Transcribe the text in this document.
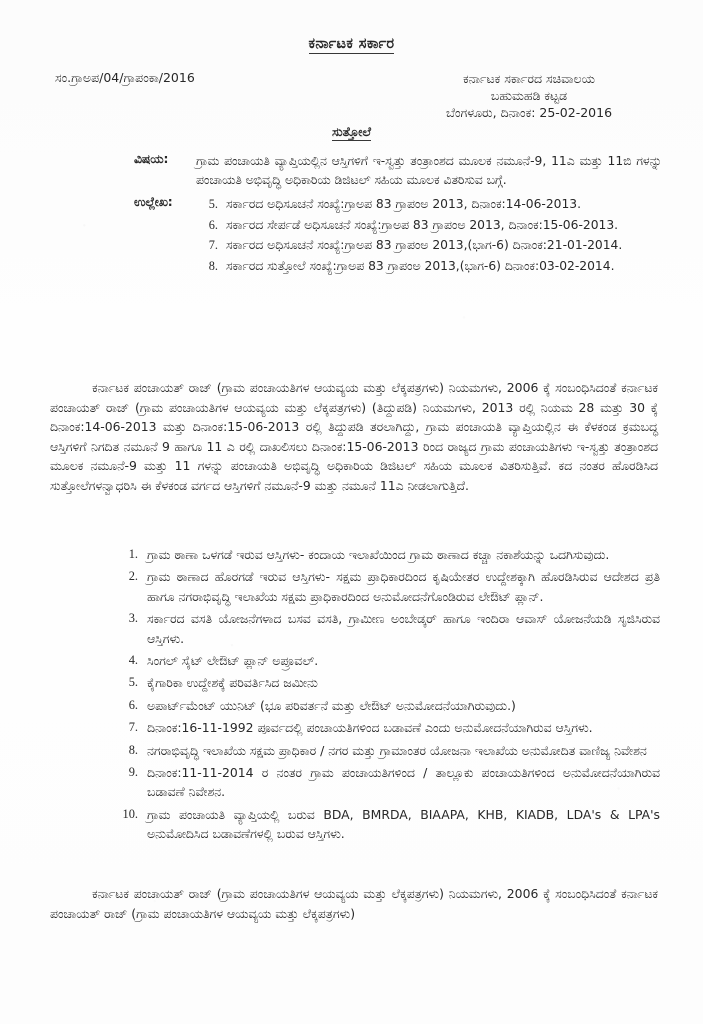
ಕರ್ನಾಟಕ ಸರ್ಕಾರ
ಸಂ.ಗ್ರಾಅಪ/04/ಗ್ರಾಪಂಕಾ/2016	ಕರ್ನಾಟಕ ಸರ್ಕಾರದ ಸಚಿವಾಲಯ
ಬಹುಮಹಡಿ ಕಟ್ಟಡ
ಬೆಂಗಳೂರು, ದಿನಾಂಕ: 25-02-2016
ಸುತ್ತೋಲೆ
ವಿಷಯ:	ಗ್ರಾಮ ಪಂಚಾಯತಿ ವ್ಯಾಪ್ತಿಯಲ್ಲಿನ ಆಸ್ತಿಗಳಿಗೆ ಇ-ಸ್ವತ್ತು ತಂತ್ರಾಂಶದ ಮೂಲಕ ನಮೂನೆ-9, 11ಎ ಮತ್ತು 11ಬಿ ಗಳನ್ನು ಪಂಚಾಯತಿ ಅಭಿವೃದ್ಧಿ ಅಧಿಕಾರಿಯ ಡಿಜಿಟಲ್ ಸಹಿಯ ಮೂಲಕ ವಿತರಿಸುವ ಬಗ್ಗೆ.
ಉಲ್ಲೇಖ:	5. ಸರ್ಕಾರದ ಅಧಿಸೂಚನೆ ಸಂಖ್ಯೆ:ಗ್ರಾಅಪ 83 ಗ್ರಾಪಂಅ 2013, ದಿನಾಂಕ:14-06-2013.
6. ಸರ್ಕಾರದ ಸೇರ್ಪಡೆ ಅಧಿಸೂಚನೆ ಸಂಖ್ಯೆ:ಗ್ರಾಅಪ 83 ಗ್ರಾಪಂಅ 2013, ದಿನಾಂಕ:15-06-2013.
7. ಸರ್ಕಾರದ ಅಧಿಸೂಚನೆ ಸಂಖ್ಯೆ:ಗ್ರಾಅಪ 83 ಗ್ರಾಪಂಅ 2013,(ಭಾಗ-6) ದಿನಾಂಕ:21-01-2014.
8. ಸರ್ಕಾರದ ಸುತ್ತೋಲೆ ಸಂಖ್ಯೆ:ಗ್ರಾಅಪ 83 ಗ್ರಾಪಂಅ 2013,(ಭಾಗ-6) ದಿನಾಂಕ:03-02-2014.
ಕರ್ನಾಟಕ ಪಂಚಾಯತ್ ರಾಜ್ (ಗ್ರಾಮ ಪಂಚಾಯತಿಗಳ ಆಯವ್ಯಯ ಮತ್ತು ಲೆಕ್ಕಪತ್ರಗಳು) ನಿಯಮಗಳು, 2006 ಕ್ಕೆ ಸಂಬಂಧಿಸಿದಂತೆ ಕರ್ನಾಟಕ ಪಂಚಾಯತ್ ರಾಜ್ (ಗ್ರಾಮ ಪಂಚಾಯತಿಗಳ ಆಯವ್ಯಯ ಮತ್ತು ಲೆಕ್ಕಪತ್ರಗಳು) (ತಿದ್ದುಪಡಿ) ನಿಯಮಗಳು, 2013 ರಲ್ಲಿ ನಿಯಮ 28 ಮತ್ತು 30 ಕ್ಕೆ ದಿನಾಂಕ:14-06-2013 ಮತ್ತು ದಿನಾಂಕ:15-06-2013 ರಲ್ಲಿ ತಿದ್ದುಪಡಿ ತರಲಾಗಿದ್ದು, ಗ್ರಾಮ ಪಂಚಾಯತಿ ವ್ಯಾಪ್ತಿಯಲ್ಲಿನ ಈ ಕೆಳಕಂಡ ಕ್ರಮಬದ್ಧ ಆಸ್ತಿಗಳಿಗೆ ನಿಗದಿತ ನಮೂನೆ 9 ಹಾಗೂ 11 ಎ ರಲ್ಲಿ ದಾಖಲಿಸಲು ದಿನಾಂಕ:15-06-2013 ರಿಂದ ರಾಜ್ಯದ ಗ್ರಾಮ ಪಂಚಾಯತಿಗಳು ಇ-ಸ್ವತ್ತು ತಂತ್ರಾಂಶದ ಮೂಲಕ ನಮೂನೆ-9 ಮತ್ತು 11 ಗಳನ್ನು ಪಂಚಾಯತಿ ಅಭಿವೃದ್ಧಿ ಅಧಿಕಾರಿಯ ಡಿಜಿಟಲ್ ಸಹಿಯ ಮೂಲಕ ವಿತರಿಸುತ್ತಿವೆ. ಕದ ನಂತರ ಹೊರಡಿಸಿದ ಸುತ್ತೋಲೆಗಳನ್ವಾಧರಿಸಿ ಈ ಕೆಳಕಂಡ ವರ್ಗದ ಆಸ್ತಿಗಳಿಗೆ ನಮೂನೆ-9 ಮತ್ತು ನಮೂನೆ 11ಎ ನೀಡಲಾಗುತ್ತಿದೆ.
1. ಗ್ರಾಮ ಠಾಣಾ ಒಳಗಡೆ ಇರುವ ಆಸ್ತಿಗಳು- ಕಂದಾಯ ಇಲಾಖೆಯಿಂದ ಗ್ರಾಮ ಠಾಣಾದ ಕಚ್ಚಾ ನಕಾಶೆಯನ್ನು ಒದಗಿಸುವುದು.
2. ಗ್ರಾಮ ಠಾಣಾದ ಹೊರಗಡೆ ಇರುವ ಆಸ್ತಿಗಳು- ಸಕ್ಷಮ ಪ್ರಾಧಿಕಾರದಿಂದ ಕೃಷಿಯೇತರ ಉದ್ದೇಶಕ್ಕಾಗಿ ಹೊರಡಿಸಿರುವ ಆದೇಶದ ಪ್ರತಿ ಹಾಗೂ ನಗರಾಭಿವೃದ್ಧಿ ಇಲಾಖೆಯ ಸಕ್ಷಮ ಪ್ರಾಧಿಕಾರದಿಂದ ಅನುಮೋದನೆಗೊಂಡಿರುವ ಲೇಔಟ್ ಪ್ಲಾನ್.
3. ಸರ್ಕಾರದ ವಸತಿ ಯೋಜನೆಗಳಾದ ಬಸವ ವಸತಿ, ಗ್ರಾಮೀಣ ಅಂಬೇಡ್ಕರ್ ಹಾಗೂ ಇಂದಿರಾ ಆವಾಸ್ ಯೋಜನೆಯಡಿ ಸೃಜಿಸಿರುವ ಆಸ್ತಿಗಳು.
4. ಸಿಂಗಲ್ ಸೈಟ್ ಲೇಔಟ್ ಪ್ಲಾನ್ ಅಪ್ರೂವಲ್.
5. ಕೈಗಾರಿಕಾ ಉದ್ದೇಶಕ್ಕೆ ಪರಿವರ್ತಿಸಿದ ಜಮೀನು
6. ಅಪಾರ್ಟ್‌ಮೆಂಟ್ ಯುನಿಟ್ (ಭೂ ಪರಿವರ್ತನೆ ಮತ್ತು ಲೇಔಟ್ ಅನುಮೋದನೆಯಾಗಿರುವುದು.)
7. ದಿನಾಂಕ:16-11-1992 ಪೂರ್ವದಲ್ಲಿ ಪಂಚಾಯತಿಗಳಿಂದ ಬಡಾವಣೆ ಎಂದು ಅನುಮೋದನೆಯಾಗಿರುವ ಆಸ್ತಿಗಳು.
8. ನಗರಾಭಿವೃದ್ಧಿ ಇಲಾಖೆಯ ಸಕ್ಷಮ ಪ್ರಾಧಿಕಾರ / ನಗರ ಮತ್ತು ಗ್ರಾಮಾಂತರ ಯೋಜನಾ ಇಲಾಖೆಯ ಅನುಮೋದಿತ ವಾಣಿಜ್ಯ ನಿವೇಶನ
9. ದಿನಾಂಕ:11-11-2014 ರ ನಂತರ ಗ್ರಾಮ ಪಂಚಾಯತಿಗಳಿಂದ / ತಾಲ್ಲೂಕು ಪಂಚಾಯತಿಗಳಿಂದ ಅನುಮೋದನೆಯಾಗಿರುವ ಬಡಾವಣೆ ನಿವೇಶನ.
10. ಗ್ರಾಮ ಪಂಚಾಯತಿ ವ್ಯಾಪ್ತಿಯಲ್ಲಿ ಬರುವ BDA, BMRDA, BIAAPA, KHB, KIADB, LDA's & LPA's ಅನುಮೋದಿಸಿದ ಬಡಾವಣೆಗಳಲ್ಲಿ ಬರುವ ಆಸ್ತಿಗಳು.
ಕರ್ನಾಟಕ ಪಂಚಾಯತ್ ರಾಜ್ (ಗ್ರಾಮ ಪಂಚಾಯತಿಗಳ ಆಯವ್ಯಯ ಮತ್ತು ಲೆಕ್ಕಪತ್ರಗಳು) ನಿಯಮಗಳು, 2006 ಕ್ಕೆ ಸಂಬಂಧಿಸಿದಂತೆ ಕರ್ನಾಟಕ ಪಂಚಾಯತ್ ರಾಜ್ (ಗ್ರಾಮ ಪಂಚಾಯತಿಗಳ ಆಯವ್ಯಯ ಮತ್ತು ಲೆಕ್ಕಪತ್ರಗಳು)
